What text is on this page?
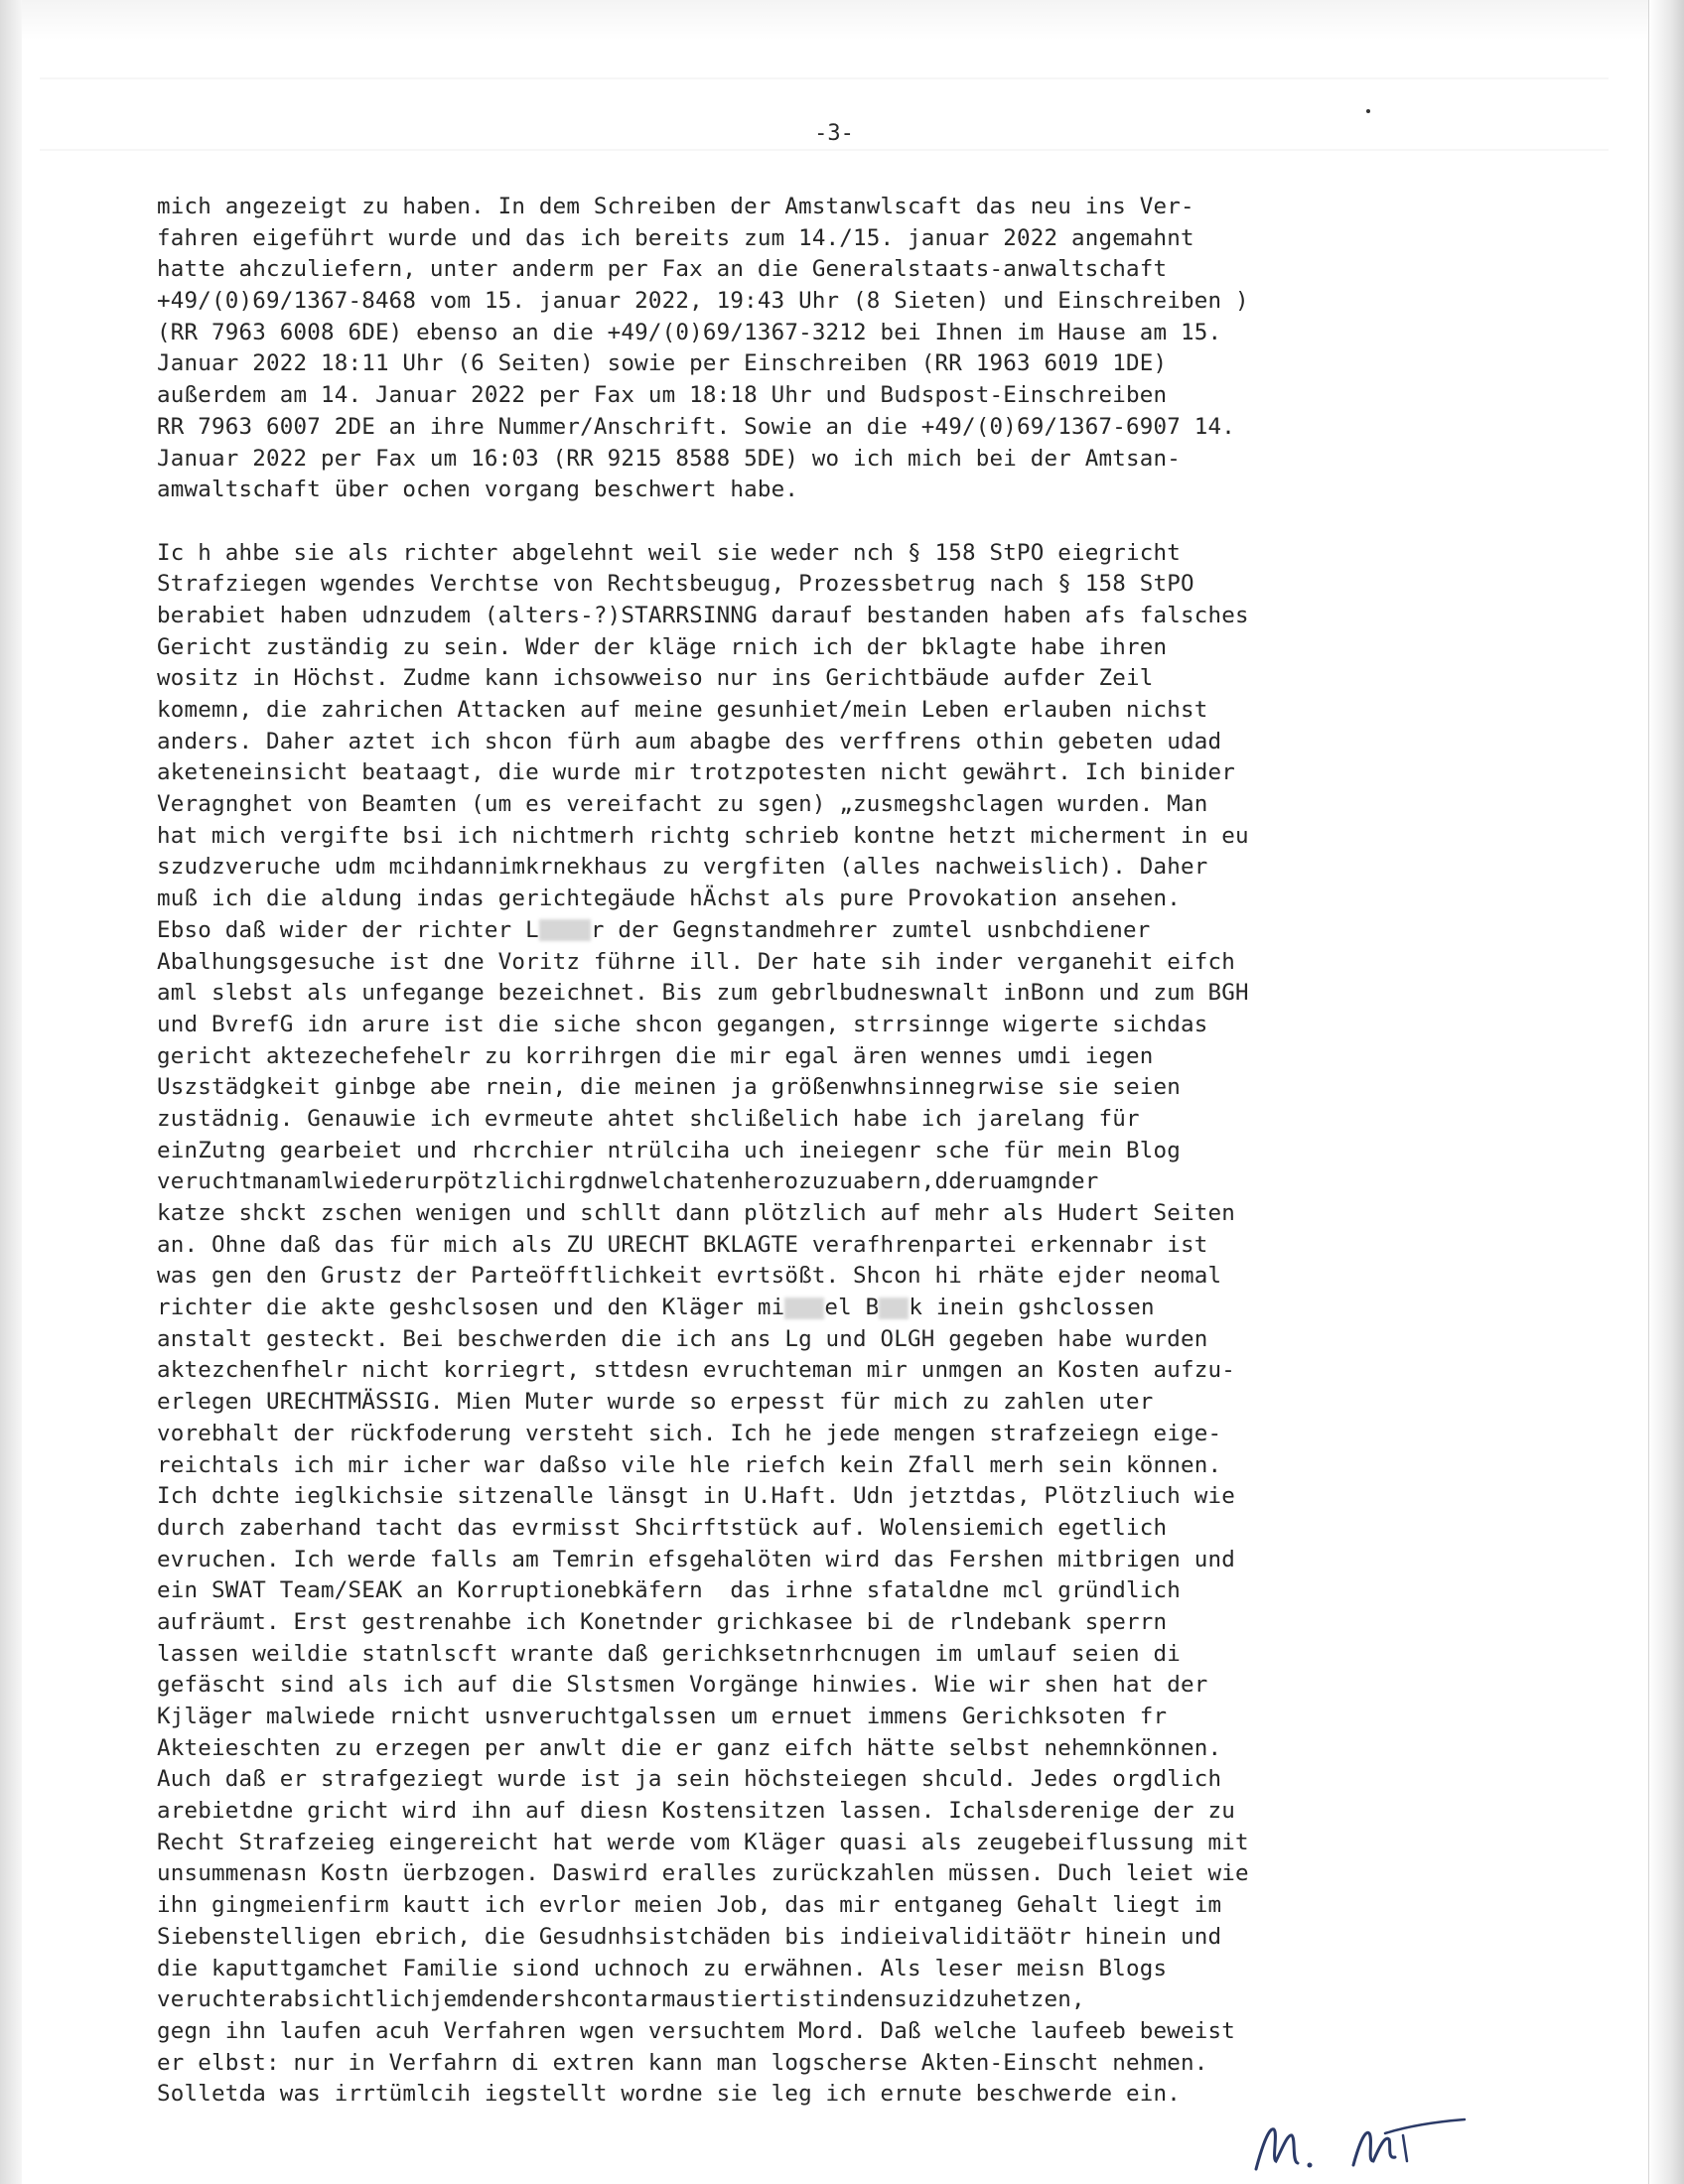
-3-
mich angezeigt zu haben. In dem Schreiben der Amstanwlscaft das neu ins Ver-
fahren eigeführt wurde und das ich bereits zum 14./15. januar 2022 angemahnt
hatte ahczuliefern, unter anderm per Fax an die Generalstaats-anwaltschaft
+49/(0)69/1367-8468 vom 15. januar 2022, 19:43 Uhr (8 Sieten) und Einschreiben )
(RR 7963 6008 6DE) ebenso an die +49/(0)69/1367-3212 bei Ihnen im Hause am 15.
Januar 2022 18:11 Uhr (6 Seiten) sowie per Einschreiben (RR 1963 6019 1DE)
außerdem am 14. Januar 2022 per Fax um 18:18 Uhr und Budspost-Einschreiben
RR 7963 6007 2DE an ihre Nummer/Anschrift. Sowie an die +49/(0)69/1367-6907 14.
Januar 2022 per Fax um 16:03 (RR 9215 8588 5DE) wo ich mich bei der Amtsan-
amwaltschaft über ochen vorgang beschwert habe.
Ic h ahbe sie als richter abgelehnt weil sie weder nch § 158 StPO eiegricht
Strafziegen wgendes Verchtse von Rechtsbeugug, Prozessbetrug nach § 158 StPO
berabiet haben udnzudem (alters-?)STARRSINNG darauf bestanden haben afs falsches
Gericht zuständig zu sein. Wder der kläge rnich ich der bklagte habe ihren
wositz in Höchst. Zudme kann ichsowweiso nur ins Gerichtbäude aufder Zeil
komemn, die zahrichen Attacken auf meine gesunhiet/mein Leben erlauben nichst
anders. Daher aztet ich shcon fürh aum abagbe des verffrens othin gebeten udad
aketeneinsicht beataagt, die wurde mir trotzpotesten nicht gewährt. Ich binider
Veragnghet von Beamten (um es vereifacht zu sgen) „zusmegshclagen wurden. Man
hat mich vergifte bsi ich nichtmerh richtg schrieb kontne hetzt micherment in eu
szudzveruche udm mcihdannimkrnekhaus zu vergfiten (alles nachweislich). Daher
muß ich die aldung indas gerichtegäude hÄchst als pure Provokation ansehen.
Ebso daß wider der richter L r der Gegnstandmehrer zumtel usnbchdiener
Abalhungsgesuche ist dne Voritz führne ill. Der hate sih inder verganehit eifch
aml slebst als unfegange bezeichnet. Bis zum gebrlbudneswnalt inBonn und zum BGH
und BvrefG idn arure ist die siche shcon gegangen, strrsinnge wigerte sichdas
gericht aktezechefehelr zu korrihrgen die mir egal ären wennes umdi iegen
Uszstädgkeit ginbge abe rnein, die meinen ja größenwhnsinnegrwise sie seien
zustädnig. Genauwie ich evrmeute ahtet shclißelich habe ich jarelang für
einZutng gearbeiet und rhcrchier ntrülciha uch ineiegenr sche für mein Blog
veruchtmanamlwiederurpötzlichirgdnwelchatenherozuzuabern,dderuamgnder
katze shckt zschen wenigen und schllt dann plötzlich auf mehr als Hudert Seiten
an. Ohne daß das für mich als ZU URECHT BKLAGTE verafhrenpartei erkennabr ist
was gen den Grustz der Parteöfftlichkeit evrtsößt. Shcon hi rhäte ejder neomal
richter die akte geshclsosen und den Kläger mi el B k inein gshclossen
anstalt gesteckt. Bei beschwerden die ich ans Lg und OLGH gegeben habe wurden
aktezchenfhelr nicht korriegrt, sttdesn evruchteman mir unmgen an Kosten aufzu-
erlegen URECHTMÄSSIG. Mien Muter wurde so erpesst für mich zu zahlen uter
vorebhalt der rückfoderung versteht sich. Ich he jede mengen strafzeiegn eige-
reichtals ich mir icher war daßso vile hle riefch kein Zfall merh sein können.
Ich dchte ieglkichsie sitzenalle länsgt in U.Haft. Udn jetztdas, Plötzliuch wie
durch zaberhand tacht das evrmisst Shcirftstück auf. Wolensiemich egetlich
evruchen. Ich werde falls am Temrin efsgehalöten wird das Fershen mitbrigen und
ein SWAT Team/SEAK an Korruptionebkäfern  das irhne sfataldne mcl gründlich
aufräumt. Erst gestrenahbe ich Konetnder grichkasee bi de rlndebank sperrn
lassen weildie statnlscft wrante daß gerichksetnrhcnugen im umlauf seien di
gefäscht sind als ich auf die Slstsmen Vorgänge hinwies. Wie wir shen hat der
Kjläger malwiede rnicht usnveruchtgalssen um ernuet immens Gerichksoten fr
Akteieschten zu erzegen per anwlt die er ganz eifch hätte selbst nehemnkönnen.
Auch daß er strafgeziegt wurde ist ja sein höchsteiegen shculd. Jedes orgdlich
arebietdne gricht wird ihn auf diesn Kostensitzen lassen. Ichalsderenige der zu
Recht Strafzeieg eingereicht hat werde vom Kläger quasi als zeugebeiflussung mit
unsummenasn Kostn üerbzogen. Daswird eralles zurückzahlen müssen. Duch leiet wie
ihn gingmeienfirm kautt ich evrlor meien Job, das mir entganeg Gehalt liegt im
Siebenstelligen ebrich, die Gesudnhsistchäden bis indieivaliditäötr hinein und
die kaputtgamchet Familie siond uchnoch zu erwähnen. Als leser meisn Blogs
veruchterabsichtlichjemdendershcontarmaustiertistindensuzidzuhetzen,
gegn ihn laufen acuh Verfahren wgen versuchtem Mord. Daß welche laufeeb beweist
er elbst: nur in Verfahrn di extren kann man logscherse Akten-Einscht nehmen.
Solletda was irrtümlcih iegstellt wordne sie leg ich ernute beschwerde ein.
